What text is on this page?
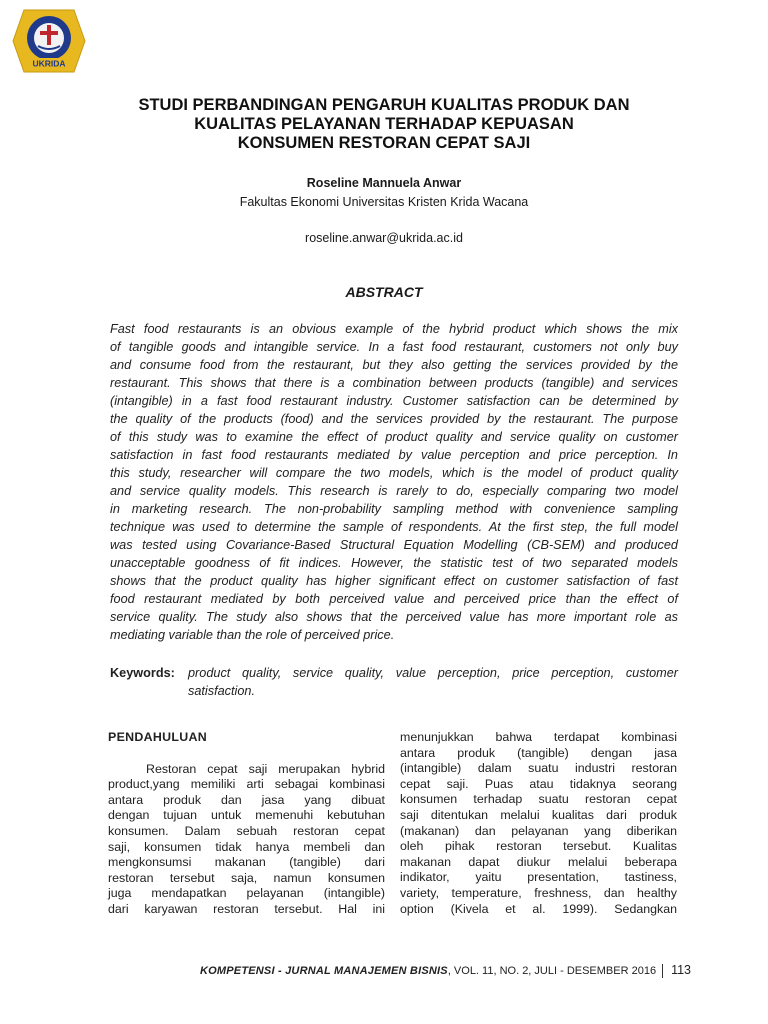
UKRIDA
STUDI PERBANDINGAN PENGARUH KUALITAS PRODUK DAN
KUALITAS PELAYANAN TERHADAP KEPUASAN
KONSUMEN RESTORAN CEPAT SAJI
Roseline Mannuela Anwar
Fakultas Ekonomi Universitas Kristen Krida Wacana
roseline.anwar@ukrida.ac.id
ABSTRACT

Fast food restaurants is an obvious example of the hybrid product which shows the mix
of tangible goods and intangible service. In a fast food restaurant, customers not only buy
and consume food from the restaurant, but they also getting the services provided by the
restaurant. This shows that there is a combination between products (tangible) and services
(intangible) in a fast food restaurant industry. Customer satisfaction can be determined by
the quality of the products (food) and the services provided by the restaurant. The purpose
of this study was to examine the effect of product quality and service quality on customer
satisfaction in fast food restaurants mediated by value perception and price perception. In
this study, researcher will compare the two models, which is the model of product quality
and service quality models. This research is rarely to do, especially comparing two model
in marketing research. The non-probability sampling method with convenience sampling
technique was used to determine the sample of respondents. At the first step, the full model
was tested using Covariance-Based Structural Equation Modelling (CB-SEM) and produced
unacceptable goodness of fit indices. However, the statistic test of two separated models
shows that the product quality has higher significant effect on customer satisfaction of fast
food restaurant mediated by both perceived value and perceived price than the effect of
service quality. The study also shows that the perceived value has more important role as
mediating variable than the role of perceived price.

Keywords: product quality, service quality, value perception, price perception, customer
satisfaction.
PENDAHULUAN
Restoran cepat saji merupakan hybrid
product,yang memiliki arti sebagai kombinasi
antara produk dan jasa yang dibuat
dengan tujuan untuk memenuhi kebutuhan
konsumen. Dalam sebuah restoran cepat
saji, konsumen tidak hanya membeli dan
mengkonsumsi makanan (tangible) dari
restoran tersebut saja, namun konsumen
juga mendapatkan pelayanan (intangible)
dari karyawan restoran tersebut. Hal ini
menunjukkan bahwa terdapat kombinasi
antara produk (tangible) dengan jasa
(intangible) dalam suatu industri restoran
cepat saji. Puas atau tidaknya seorang
konsumen terhadap suatu restoran cepat
saji ditentukan melalui kualitas dari produk
(makanan) dan pelayanan yang diberikan
oleh pihak restoran tersebut. Kualitas
makanan dapat diukur melalui beberapa
indikator, yaitu presentation, tastiness,
variety, temperature, freshness, dan healthy
option (Kivela et al. 1999). Sedangkan
KOMPETENSI - JURNAL MANAJEMEN BISNIS, VOL. 11, NO. 2, JULI - DESEMBER 2016 113
